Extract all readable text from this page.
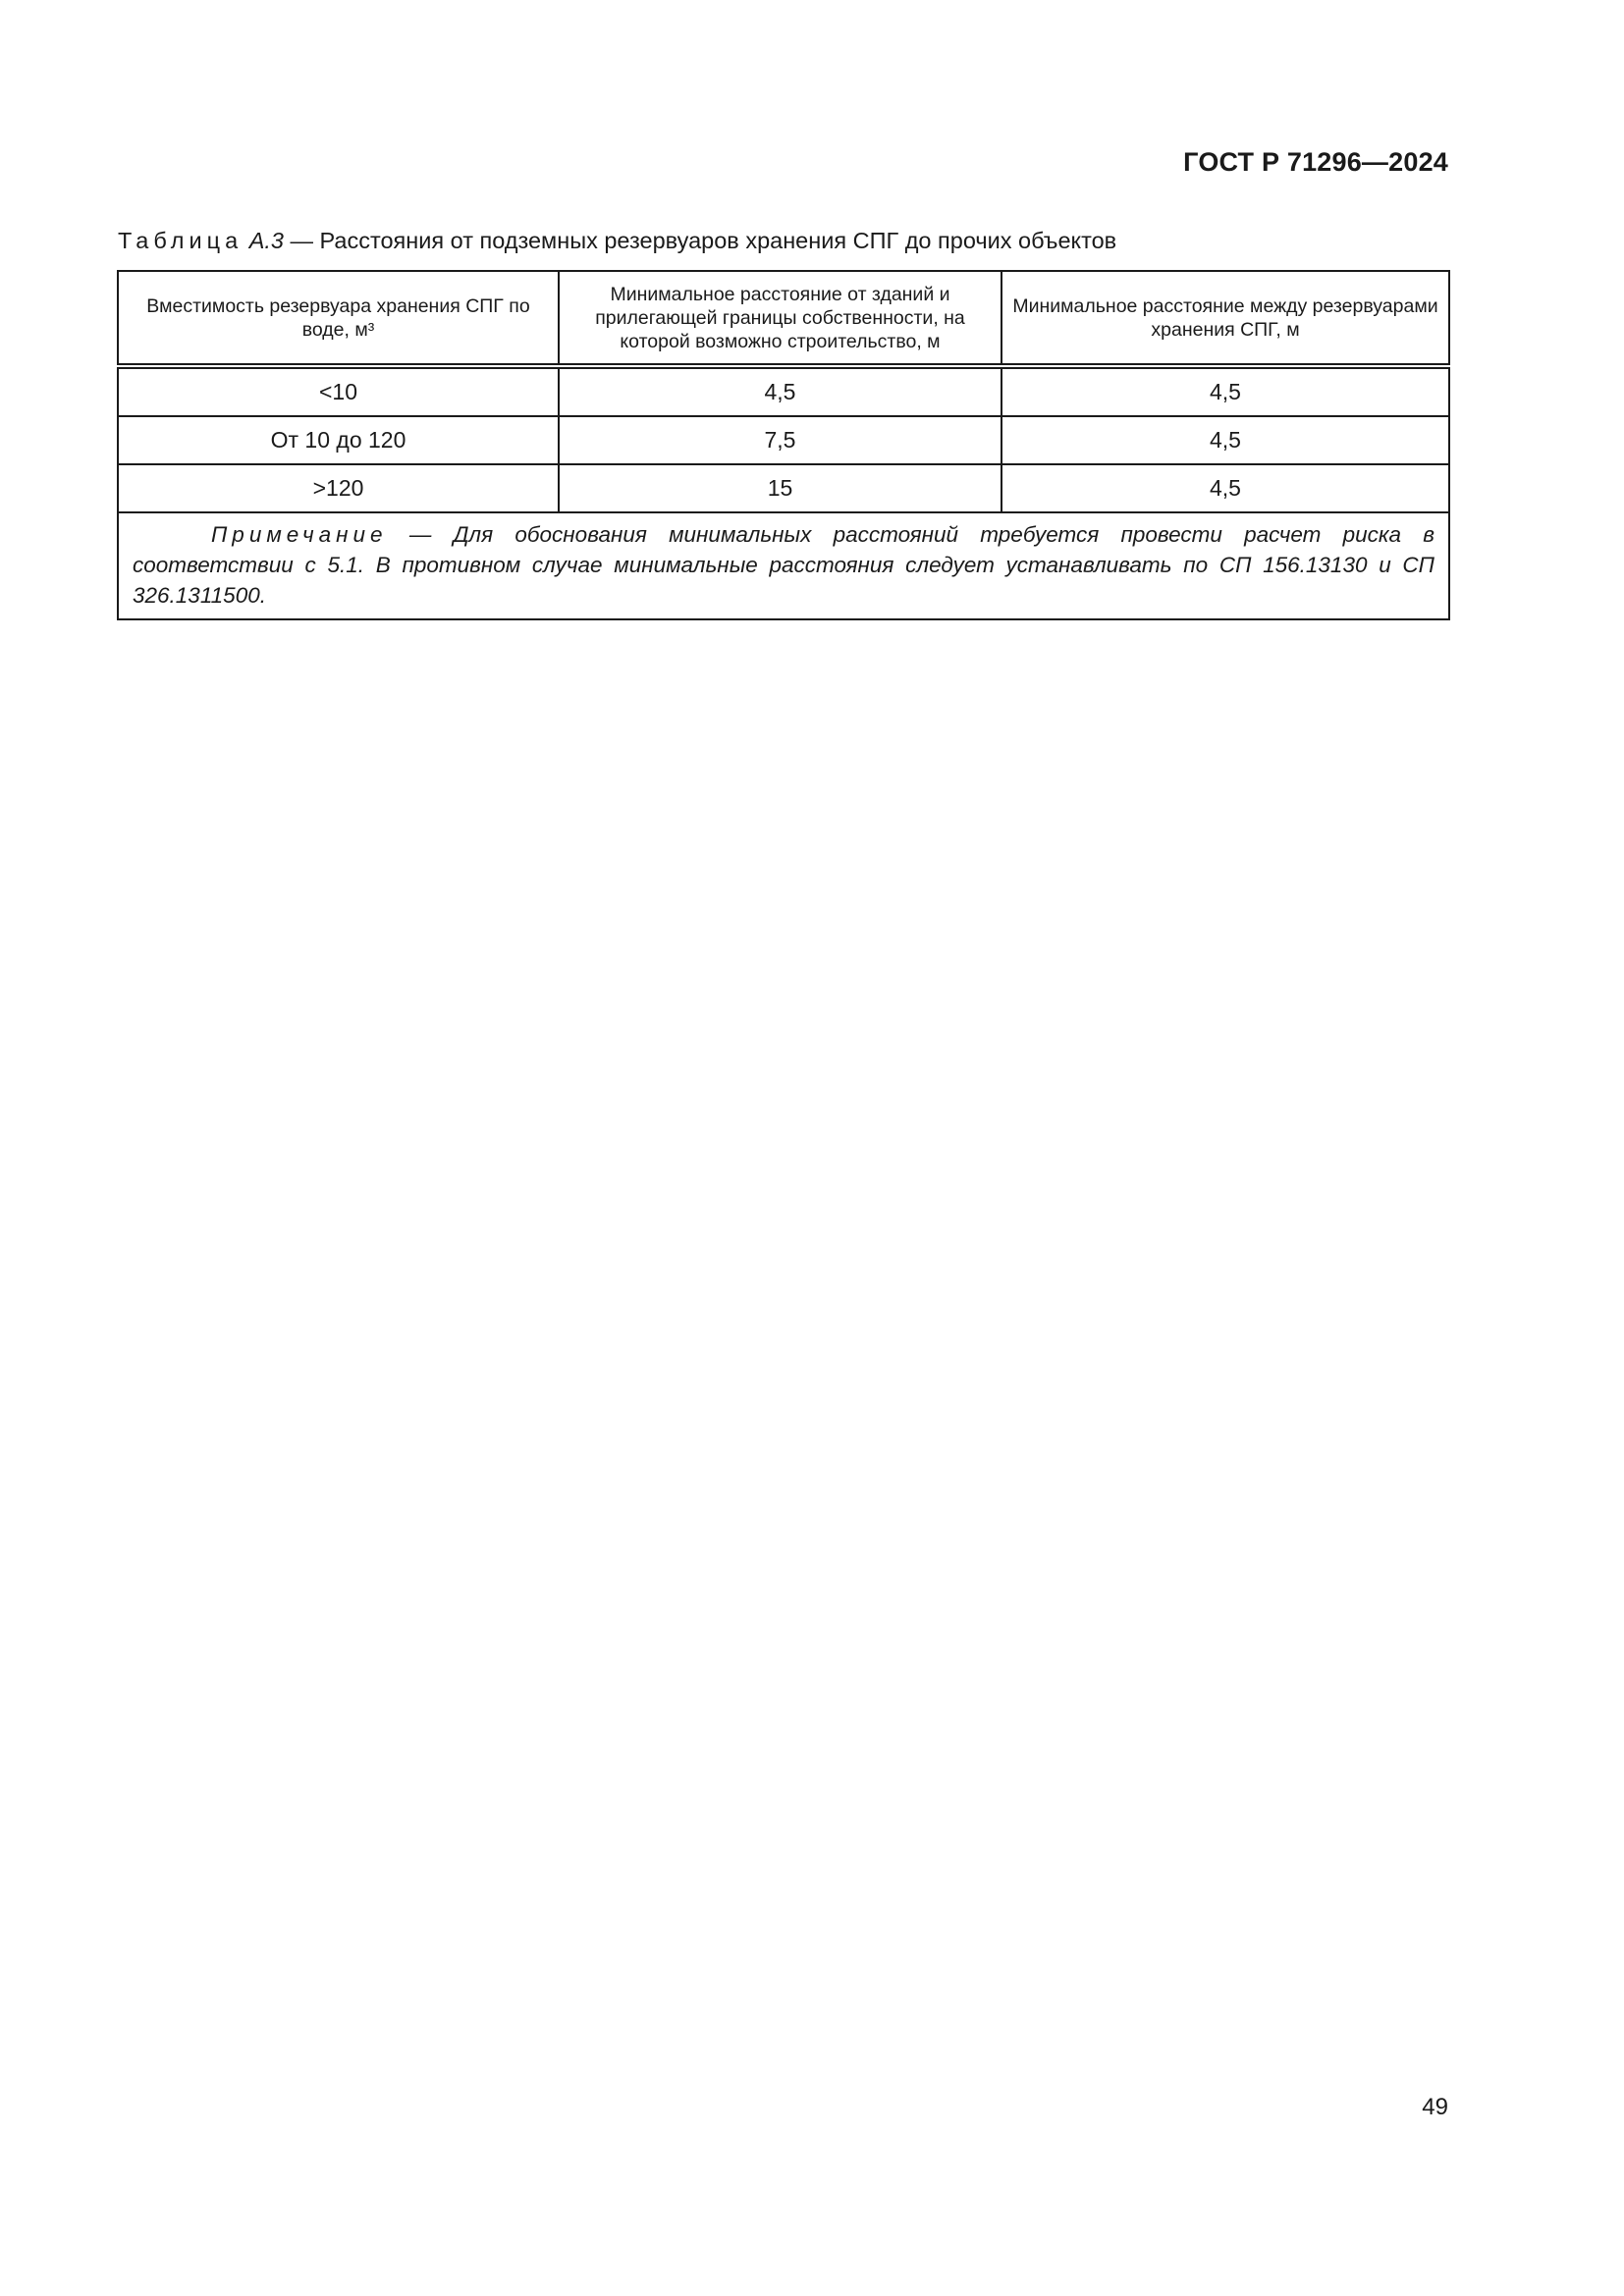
ГОСТ Р 71296—2024
Таблица А.3 — Расстояния от подземных резервуаров хранения СПГ до прочих объектов
Вместимость резервуара хранения СПГ по воде, м³	Минимальное расстояние от зданий и прилегающей границы собственности, на которой возможно строительство, м	Минимальное расстояние между резервуарами хранения СПГ, м
<10	4,5	4,5
От 10 до 120	7,5	4,5
>120	15	4,5
Примечание — Для обоснования минимальных расстояний требуется провести расчет риска в соответствии с 5.1. В противном случае минимальные расстояния следует устанавливать по СП 156.13130 и СП 326.1311500.		
49
